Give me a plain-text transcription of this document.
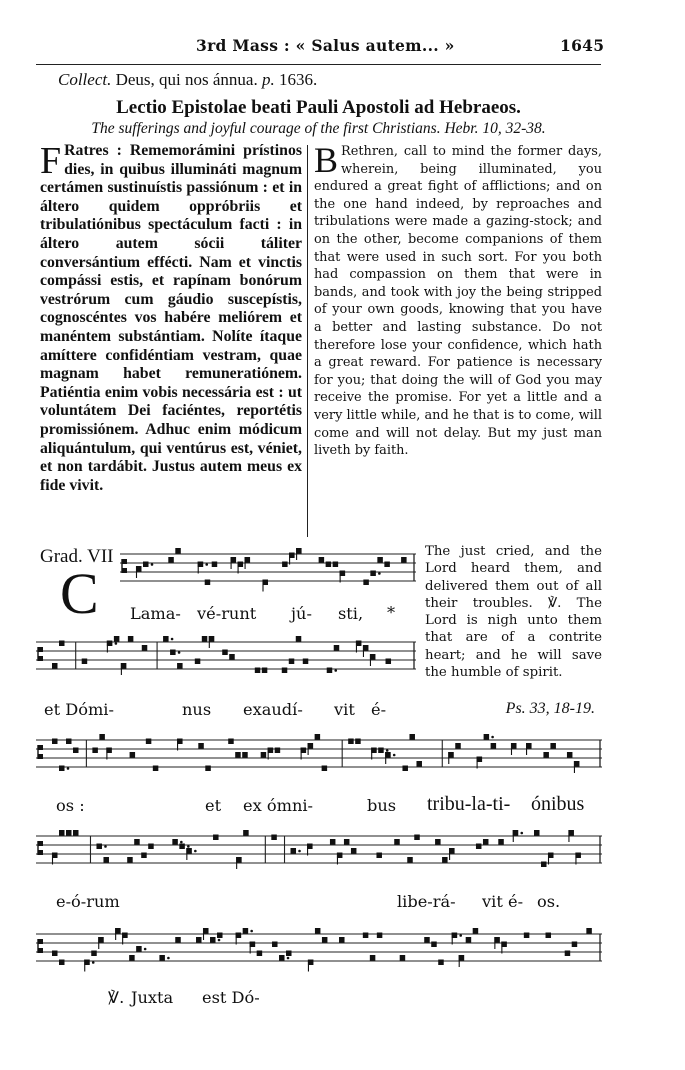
3rd Mass : « Salus autem... »	1645
Collect. Deus, qui nos ánnua. p. 1636.
Lectio Epistolae beati Pauli Apostoli ad Hebraeos.
The sufferings and joyful courage of the first Christians. Hebr. 10, 32-38.
F Ratres : Rememorámini prístinos dies, in quibus illumináti magnum certámen sustinuístis passiónum : et in áltero quidem oppróbriis et tribulatiónibus spectáculum facti : in áltero autem sócii táliter conversántium effécti. Nam et vinctis compássi estis, et rapínam bonórum vestrórum cum gáudio suscepístis, cognoscéntes vos habére meliórem et manéntem substántiam. Nolíte ítaque amíttere confidéntiam vestram, quae magnam habet remuneratiónem. Patiéntia enim vobis necessária est : ut voluntátem Dei faciéntes, reportétis promissiónem. Adhuc enim módicum aliquántulum, qui ventúrus est, véniet, et non tardábit. Justus autem meus ex fide vivit.
B Rethren, call to mind the former days, wherein, being illuminated, you endured a great fight of afflictions; and on the one hand indeed, by reproaches and tribulations were made a gazing-stock; and on the other, become companions of them that were used in such sort. For you both had compassion on them that were in bands, and took with joy the being stripped of your own goods, knowing that you have a better and lasting substance. Do not therefore lose your confidence, which hath a great reward. For patience is necessary for you; that doing the will of God you may receive the promise. For yet a little and a very little while, and he that is to come, will come and will not delay. But my just man liveth by faith.
Grad. VII
C
The just cried, and the Lord heard them, and delivered them out of all their troubles. ℣. The Lord is nigh unto them that are of a contrite heart; and he will save the humble of spirit.
Ps. 33, 18-19.
Lama- vé-runt jú- sti, *
et Dómi-	nus exaudí- vit é-
os :	et ex ómni-	bus tribu-la-ti- ónibus
e-ó-rum	libe-rá- vit é- os.
℣. Juxta est Dó-
